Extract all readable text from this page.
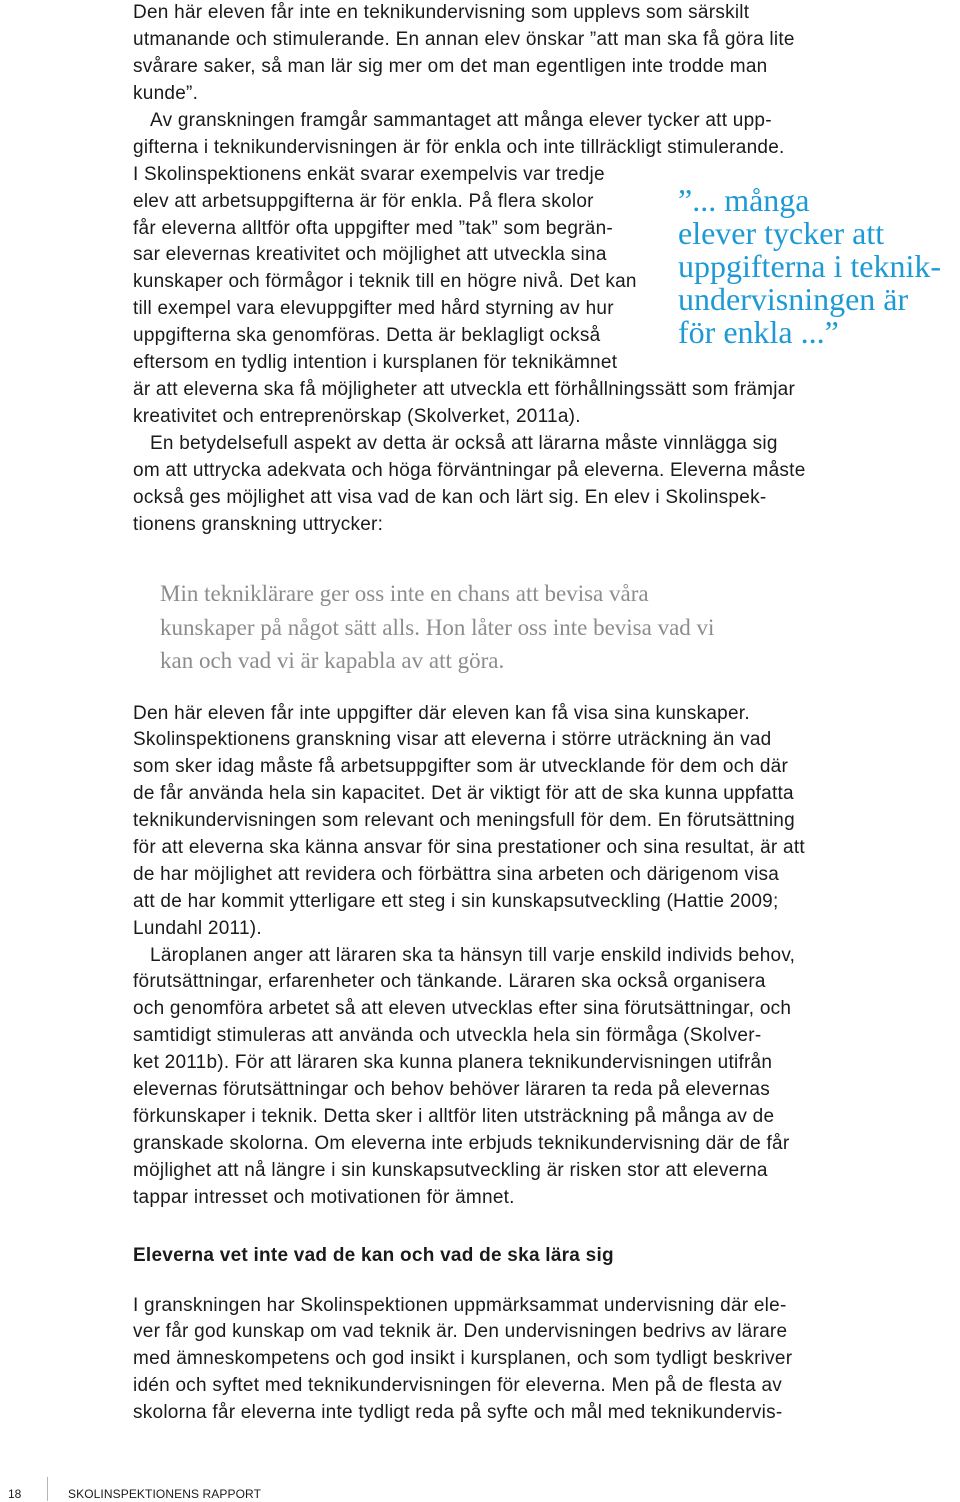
Den här eleven får inte en teknikundervisning som upplevs som särskilt
utmanande och stimulerande. En annan elev önskar ”att man ska få göra lite
svårare saker, så man lär sig mer om det man egentligen inte trodde man
kunde”.
Av granskningen framgår sammantaget att många elever tycker att upp-
gifterna i teknikundervisningen är för enkla och inte tillräckligt stimulerande.
I Skolinspektionens enkät svarar exempelvis var tredje
elev att arbetsuppgifterna är för enkla. På flera skolor
får eleverna alltför ofta uppgifter med ”tak” som begrän-
sar elevernas kreativitet och möjlighet att utveckla sina
kunskaper och förmågor i teknik till en högre nivå. Det kan
till exempel vara elevuppgifter med hård styrning av hur
uppgifterna ska genomföras. Detta är beklagligt också
eftersom en tydlig intention i kursplanen för teknikämnet
är att eleverna ska få möjligheter att utveckla ett förhållningssätt som främjar
kreativitet och entreprenörskap (Skolverket, 2011a).
En betydelsefull aspekt av detta är också att lärarna måste vinnlägga sig
om att uttrycka adekvata och höga förväntningar på eleverna. Eleverna måste
också ges möjlighet att visa vad de kan och lärt sig. En elev i Skolinspek-
tionens granskning uttrycker:
”... många
elever tycker att
uppgifterna i teknik-
undervisningen är
för enkla ...”
Min tekniklärare ger oss inte en chans att bevisa våra
kunskaper på något sätt alls. Hon låter oss inte bevisa vad vi
kan och vad vi är kapabla av att göra.
Den här eleven får inte uppgifter där eleven kan få visa sina kunskaper.
Skolinspektionens granskning visar att eleverna i större uträckning än vad
som sker idag måste få arbetsuppgifter som är utvecklande för dem och där
de får använda hela sin kapacitet. Det är viktigt för att de ska kunna uppfatta
teknikundervisningen som relevant och meningsfull för dem. En förutsättning
för att eleverna ska känna ansvar för sina prestationer och sina resultat, är att
de har möjlighet att revidera och förbättra sina arbeten och därigenom visa
att de har kommit ytterligare ett steg i sin kunskapsutveckling (Hattie 2009;
Lundahl 2011).
Läroplanen anger att läraren ska ta hänsyn till varje enskild individs behov,
förutsättningar, erfarenheter och tänkande. Läraren ska också organisera
och genomföra arbetet så att eleven utvecklas efter sina förutsättningar, och
samtidigt stimuleras att använda och utveckla hela sin förmåga (Skolver-
ket 2011b). För att läraren ska kunna planera teknikundervisningen utifrån
elevernas förutsättningar och behov behöver läraren ta reda på elevernas
förkunskaper i teknik. Detta sker i alltför liten utsträckning på många av de
granskade skolorna. Om eleverna inte erbjuds teknikundervisning där de får
möjlighet att nå längre i sin kunskapsutveckling är risken stor att eleverna
tappar intresset och motivationen för ämnet.
Eleverna vet inte vad de kan och vad de ska lära sig
I granskningen har Skolinspektionen uppmärksammat undervisning där ele-
ver får god kunskap om vad teknik är. Den undervisningen bedrivs av lärare
med ämneskompetens och god insikt i kursplanen, och som tydligt beskriver
idén och syftet med teknikundervisningen för eleverna. Men på de flesta av
skolorna får eleverna inte tydligt reda på syfte och mål med teknikundervis-
18	SKOLINSPEKTIONENS RAPPORT
